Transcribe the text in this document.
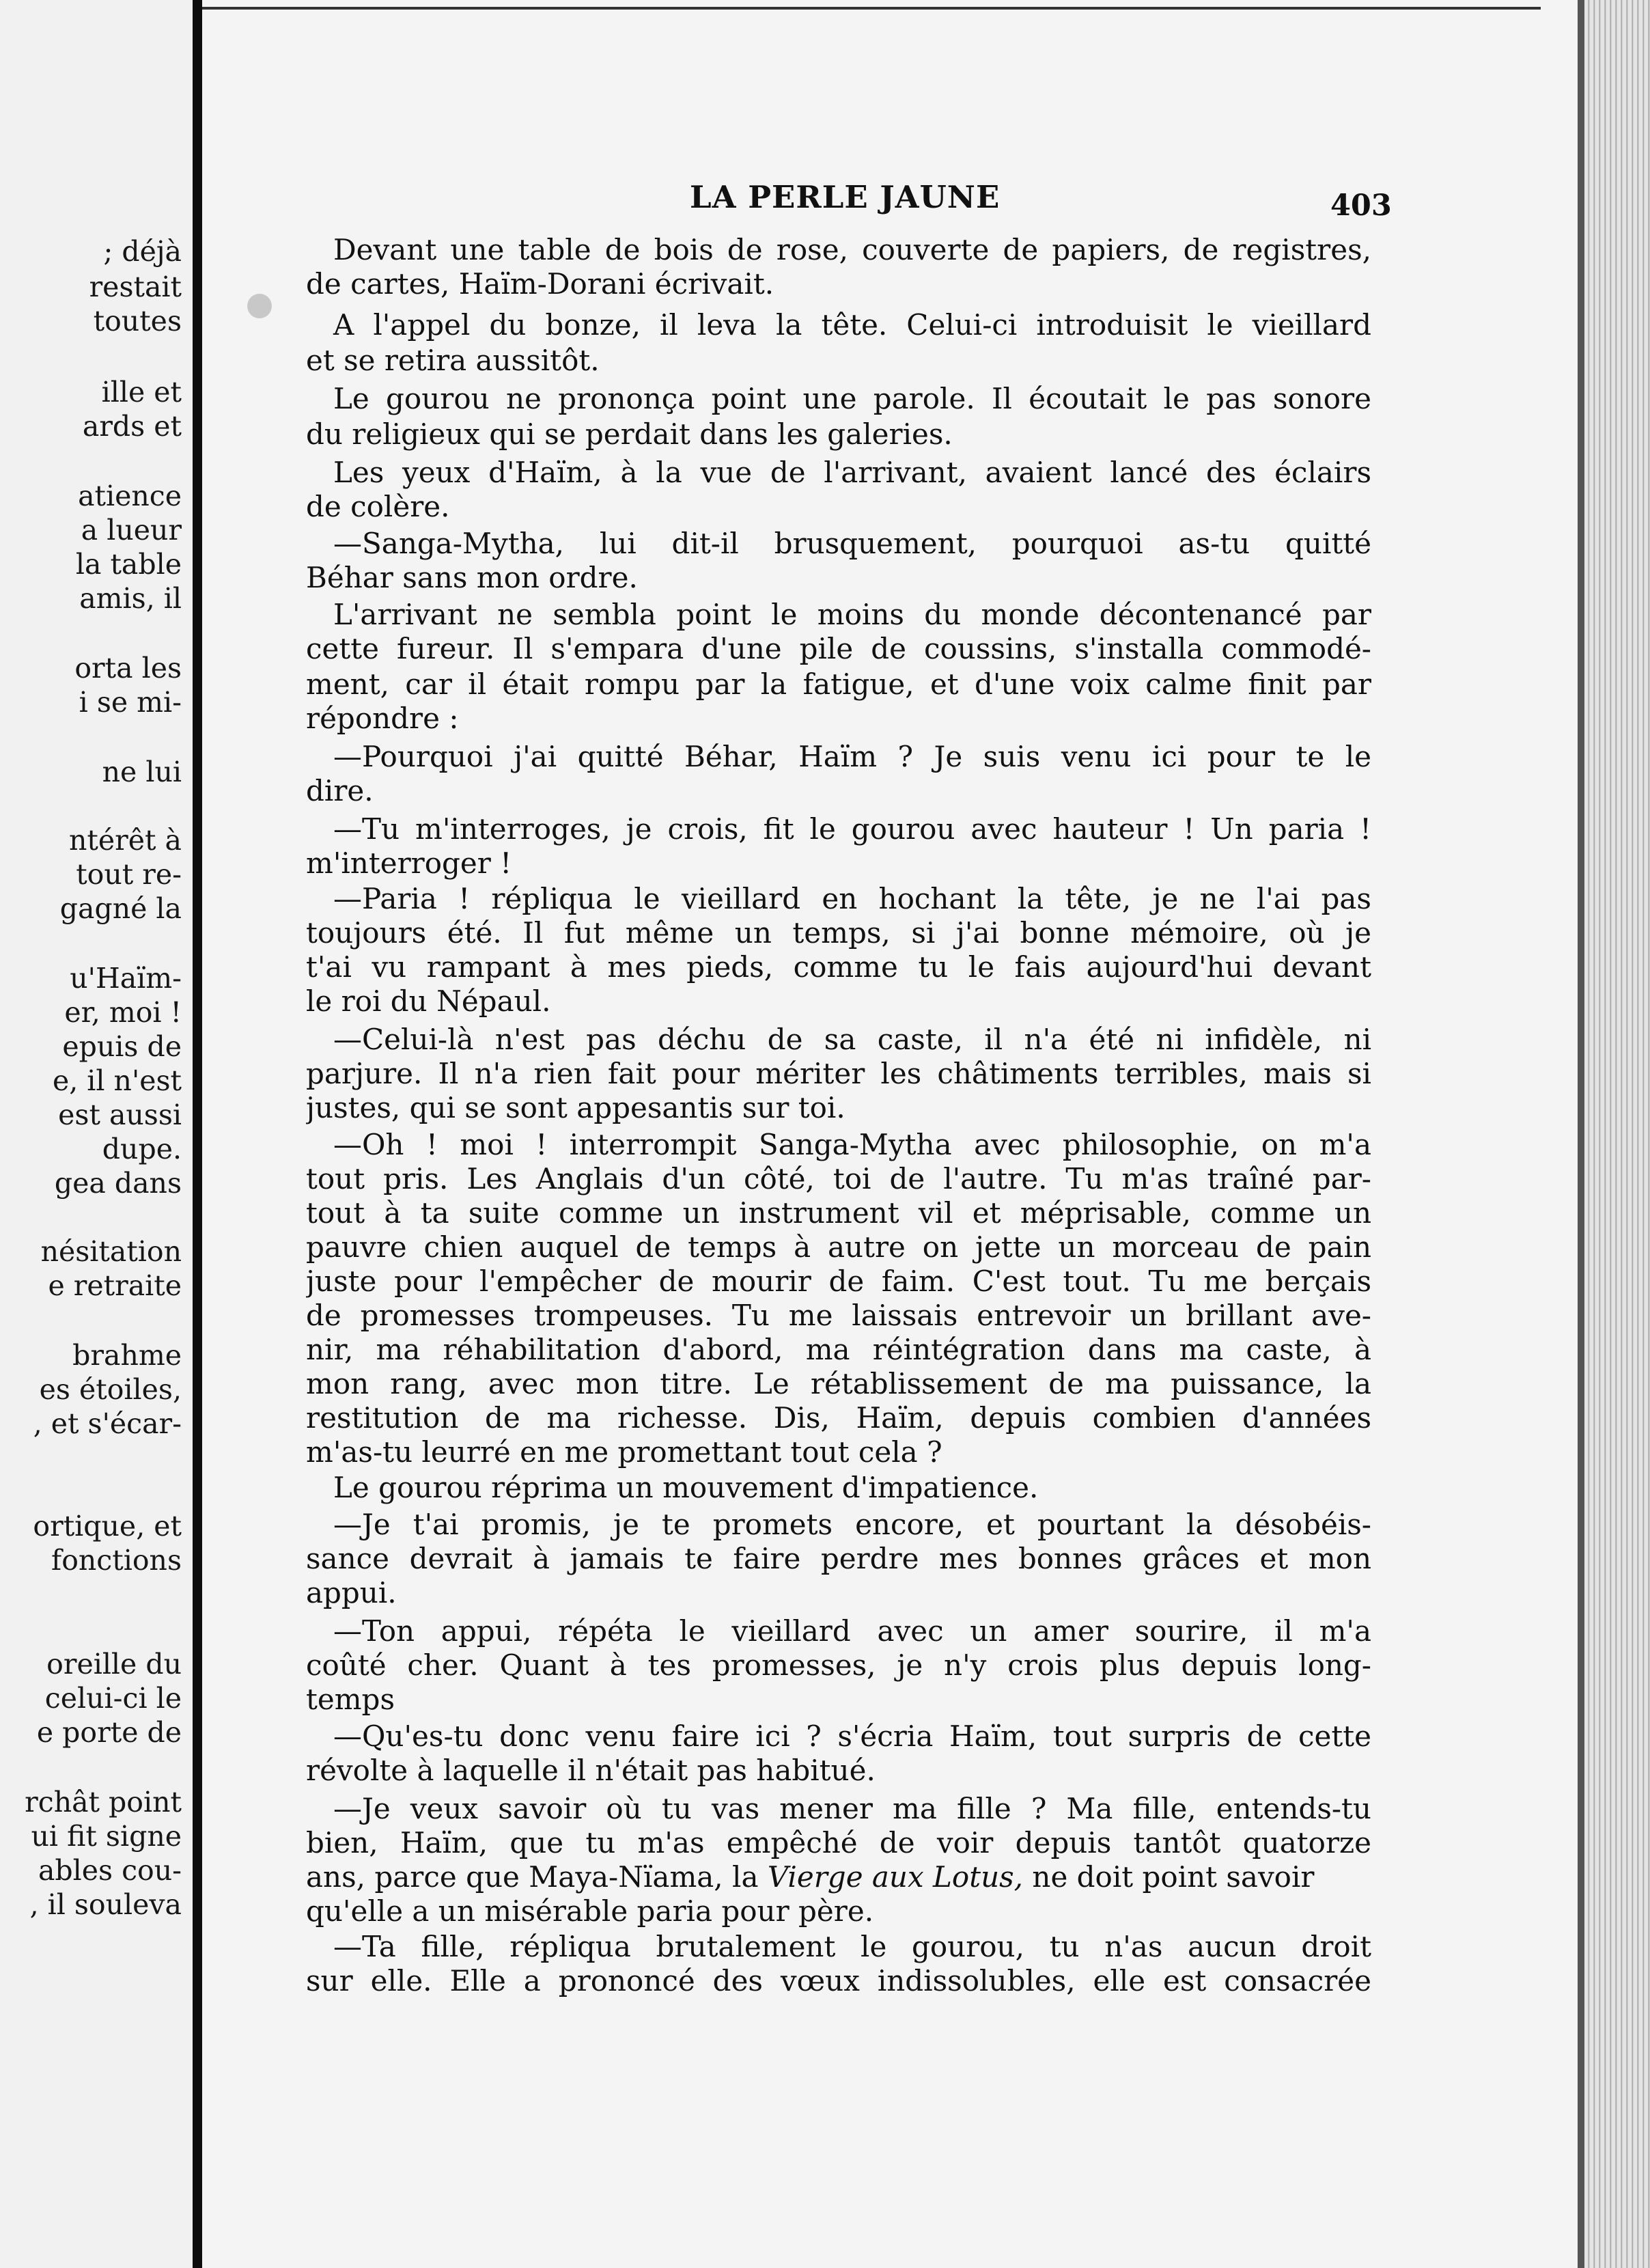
; déjà
restait
toutes
ille et
ards et
atience
a lueur
la table
amis, il
orta les
i se mi-
ne lui
ntérêt à
tout re-
gagné la
u'Haïm-
er, moi !
epuis de
e, il n'est
est aussi
dupe.
gea dans
nésitation
e retraite
brahme
es étoiles,
, et s'écar-
ortique, et
fonctions
oreille du
celui-ci le
e porte de
rchât point
ui fit signe
ables cou-
, il souleva
LA PERLE JAUNE	403
Devant une table de bois de rose, couverte de papiers, de registres,
de cartes, Haïm-Dorani écrivait.
A l'appel du bonze, il leva la tête. Celui-ci introduisit le vieillard
et se retira aussitôt.
Le gourou ne prononça point une parole. Il écoutait le pas sonore
du religieux qui se perdait dans les galeries.
Les yeux d'Haïm, à la vue de l'arrivant, avaient lancé des éclairs
de colère.
—Sanga-Mytha, lui dit-il brusquement, pourquoi as-tu quitté
Béhar sans mon ordre.
L'arrivant ne sembla point le moins du monde décontenancé par
cette fureur. Il s'empara d'une pile de coussins, s'installa commodé-
ment, car il était rompu par la fatigue, et d'une voix calme finit par
répondre :
—Pourquoi j'ai quitté Béhar, Haïm ? Je suis venu ici pour te le
dire.
—Tu m'interroges, je crois, fit le gourou avec hauteur ! Un paria !
m'interroger !
—Paria ! répliqua le vieillard en hochant la tête, je ne l'ai pas
toujours été. Il fut même un temps, si j'ai bonne mémoire, où je
t'ai vu rampant à mes pieds, comme tu le fais aujourd'hui devant
le roi du Népaul.
—Celui-là n'est pas déchu de sa caste, il n'a été ni infidèle, ni
parjure. Il n'a rien fait pour mériter les châtiments terribles, mais si
justes, qui se sont appesantis sur toi.
—Oh ! moi ! interrompit Sanga-Mytha avec philosophie, on m'a
tout pris. Les Anglais d'un côté, toi de l'autre. Tu m'as traîné par-
tout à ta suite comme un instrument vil et méprisable, comme un
pauvre chien auquel de temps à autre on jette un morceau de pain
juste pour l'empêcher de mourir de faim. C'est tout. Tu me berçais
de promesses trompeuses. Tu me laissais entrevoir un brillant ave-
nir, ma réhabilitation d'abord, ma réintégration dans ma caste, à
mon rang, avec mon titre. Le rétablissement de ma puissance, la
restitution de ma richesse. Dis, Haïm, depuis combien d'années
m'as-tu leurré en me promettant tout cela ?
Le gourou réprima un mouvement d'impatience.
—Je t'ai promis, je te promets encore, et pourtant la désobéis-
sance devrait à jamais te faire perdre mes bonnes grâces et mon
appui.
—Ton appui, répéta le vieillard avec un amer sourire, il m'a
coûté cher. Quant à tes promesses, je n'y crois plus depuis long-
temps
—Qu'es-tu donc venu faire ici ? s'écria Haïm, tout surpris de cette
révolte à laquelle il n'était pas habitué.
—Je veux savoir où tu vas mener ma fille ? Ma fille, entends-tu
bien, Haïm, que tu m'as empêché de voir depuis tantôt quatorze
ans, parce que Maya-Nïama, la Vierge aux Lotus, ne doit point savoir
qu'elle a un misérable paria pour père.
—Ta fille, répliqua brutalement le gourou, tu n'as aucun droit
sur elle. Elle a prononcé des vœux indissolubles, elle est consacrée
